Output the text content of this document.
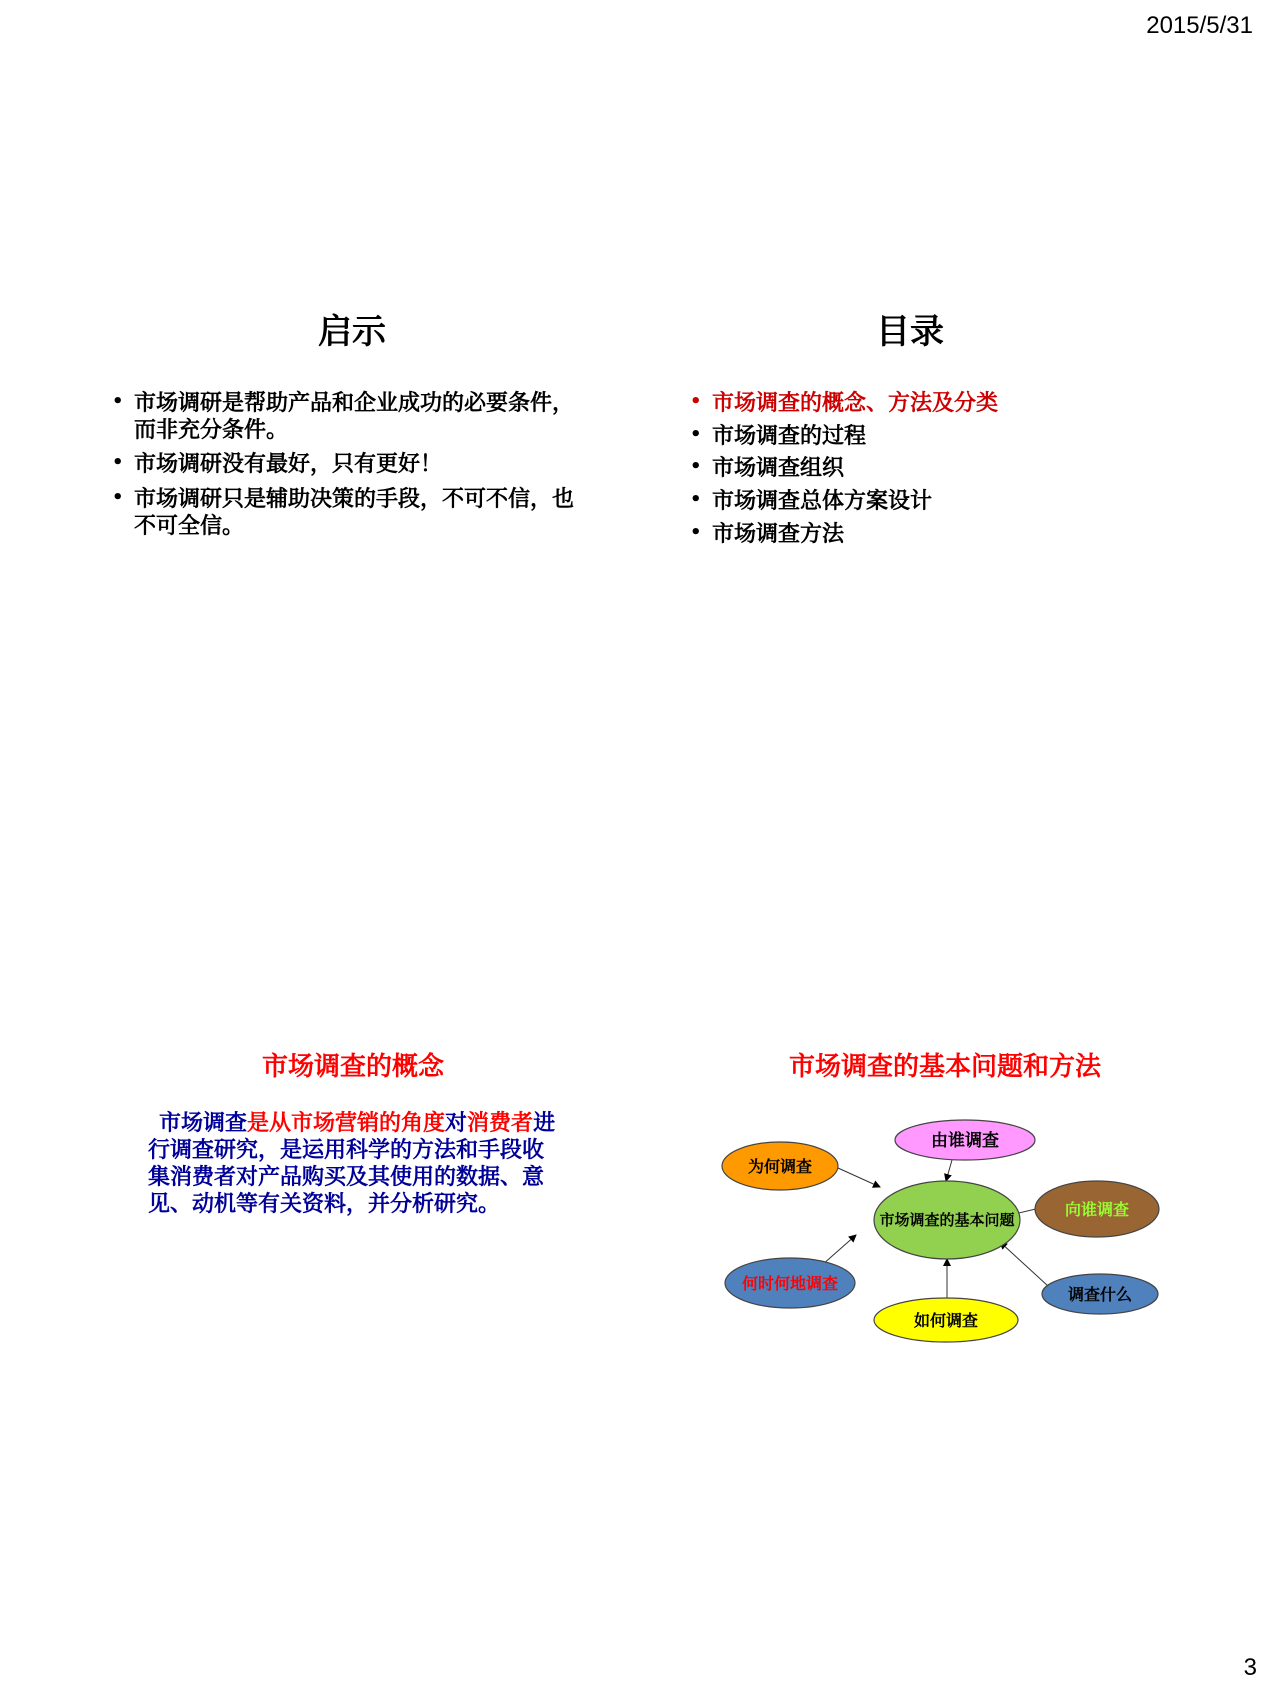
2015/5/31
启示
• 市场调研是帮助产品和企业成功的必要条件，而非充分条件。
• 市场调研没有最好，只有更好！
• 市场调研只是辅助决策的手段，不可不信，也不可全信。
目录
• 市场调查的概念、方法及分类
• 市场调查的过程
• 市场调查组织
• 市场调查总体方案设计
• 市场调查方法
市场调查的概念

市场调查是从市场营销的角度对消费者进行调查研究，是运用科学的方法和手段收集消费者对产品购买及其使用的数据、意见、动机等有关资料，并分析研究。

市场调查的基本问题和方法
市场调查的基本问题
由谁调查
为何调查
向谁调查
何时何地调查
调查什么
如何调查
3
